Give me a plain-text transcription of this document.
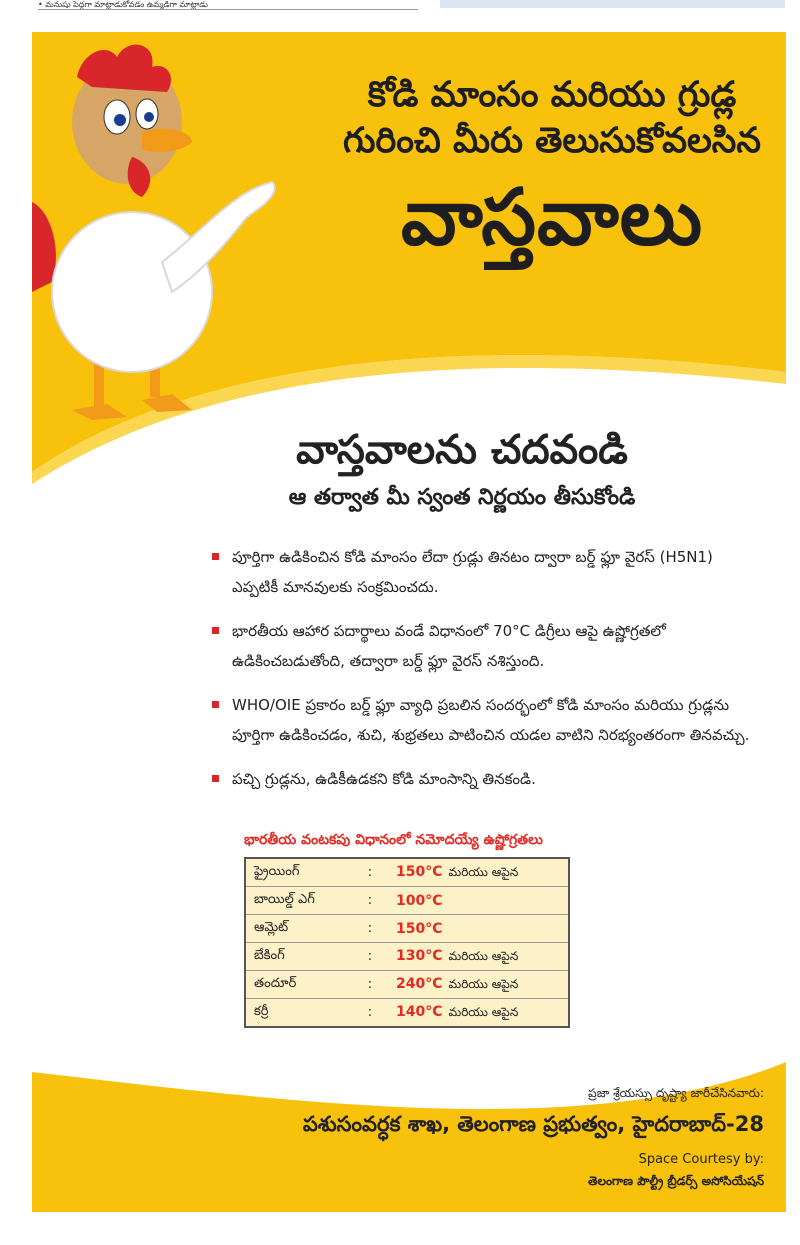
• మనుషు పెద్దగా మాట్లాడుకోవడం ఉమ్మడిగా మాట్లాడు
కోడి మాంసం మరియు గ్రుడ్ల
గురించి మీరు తెలుసుకోవలసిన
వాస్తవాలు
వాస్తవాలను చదవండి
ఆ తర్వాత మీ స్వంత నిర్ణయం తీసుకోండి
పూర్తిగా ఉడికించిన కోడి మాంసం లేదా గ్రుడ్లు తినటం ద్వారా బర్డ్ ఫ్లూ వైరస్ (H5N1) ఎప్పటికీ మానవులకు సంక్రమించదు.
భారతీయ ఆహార పదార్థాలు వండే విధానంలో 70°C డిగ్రీలు ఆపై ఉష్ణోగ్రతలో ఉడికించబడుతోంది, తద్వారా బర్డ్ ఫ్లూ వైరస్ నశిస్తుంది.
WHO/OIE ప్రకారం బర్డ్ ఫ్లూ వ్యాధి ప్రబలిన సందర్భంలో కోడి మాంసం మరియు గ్రుడ్లను పూర్తిగా ఉడికించడం, శుచి, శుభ్రతలు పాటించిన యడల వాటిని నిరభ్యంతరంగా తినవచ్చు.
పచ్చి గ్రుడ్లను, ఉడికీఉడకని కోడి మాంసాన్ని తినకండి.
భారతీయ వంటకపు విధానంలో నమోదయ్యే ఉష్ణోగ్రతలు
ఫ్రైయింగ్	:	150°C మరియు ఆపైన
బాయిల్డ్ ఎగ్	:	100°C
ఆమ్లెట్	:	150°C
బేకింగ్	:	130°C మరియు ఆపైన
తందూర్	:	240°C మరియు ఆపైన
కర్రీ	:	140°C మరియు ఆపైన
ప్రజా శ్రేయస్సు దృష్ట్యా జారీచేసినవారు:
పశుసంవర్ధక శాఖ, తెలంగాణ ప్రభుత్వం, హైదరాబాద్-28
Space Courtesy by:
తెలంగాణ పౌల్ట్రీ బ్రీడర్స్ అసోసియేషన్
